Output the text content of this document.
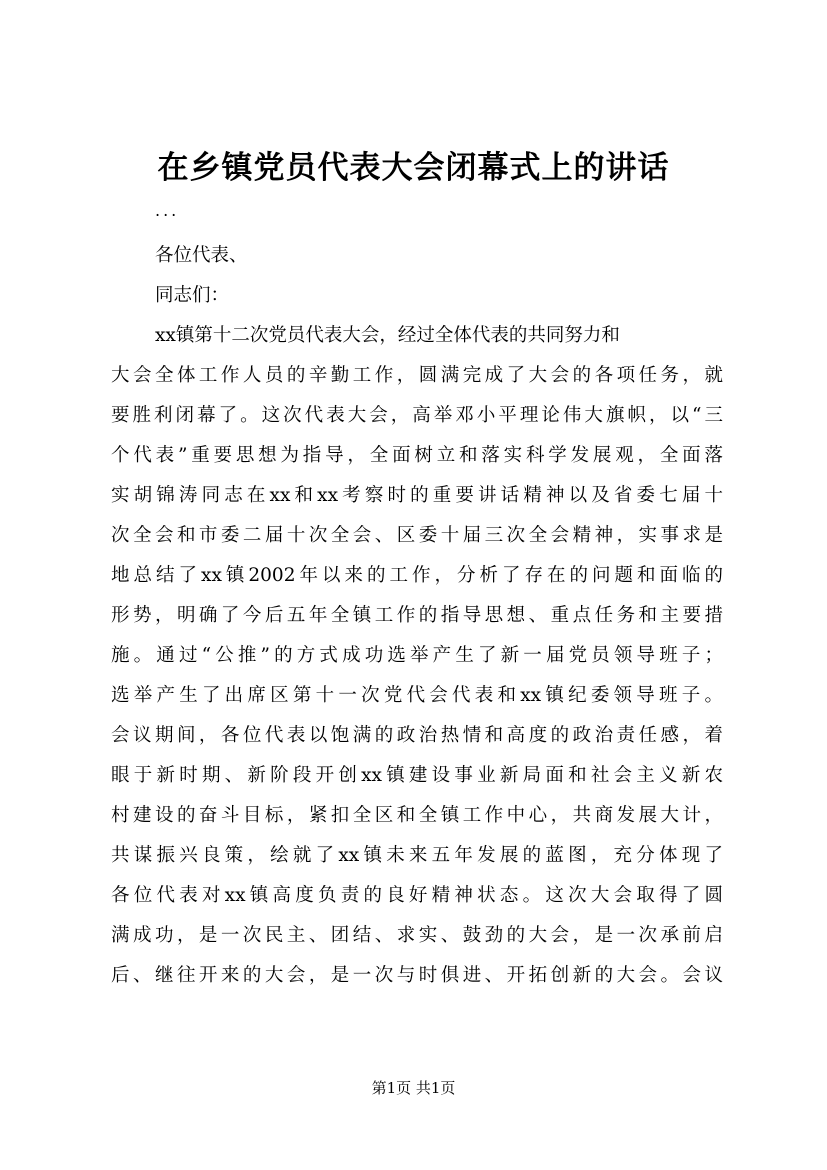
在乡镇党员代表大会闭幕式上的讲话
...
各位代表、
同志们：
xx镇第十二次党员代表大会，经过全体代表的共同努力和
大会全体工作人员的辛勤工作，圆满完成了大会的各项任务，就
要胜利闭幕了。这次代表大会，高举邓小平理论伟大旗帜，以“三
个代表”重要思想为指导，全面树立和落实科学发展观，全面落
实胡锦涛同志在xx和xx考察时的重要讲话精神以及省委七届十
次全会和市委二届十次全会、区委十届三次全会精神，实事求是
地总结了xx镇2002年以来的工作，分析了存在的问题和面临的
形势，明确了今后五年全镇工作的指导思想、重点任务和主要措
施。通过“公推”的方式成功选举产生了新一届党员领导班子；
选举产生了出席区第十一次党代会代表和xx镇纪委领导班子。
会议期间，各位代表以饱满的政治热情和高度的政治责任感，着
眼于新时期、新阶段开创xx镇建设事业新局面和社会主义新农
村建设的奋斗目标，紧扣全区和全镇工作中心，共商发展大计，
共谋振兴良策，绘就了xx镇未来五年发展的蓝图，充分体现了
各位代表对xx镇高度负责的良好精神状态。这次大会取得了圆
满成功，是一次民主、团结、求实、鼓劲的大会，是一次承前启
后、继往开来的大会，是一次与时俱进、开拓创新的大会。会议
第1页 共1页
